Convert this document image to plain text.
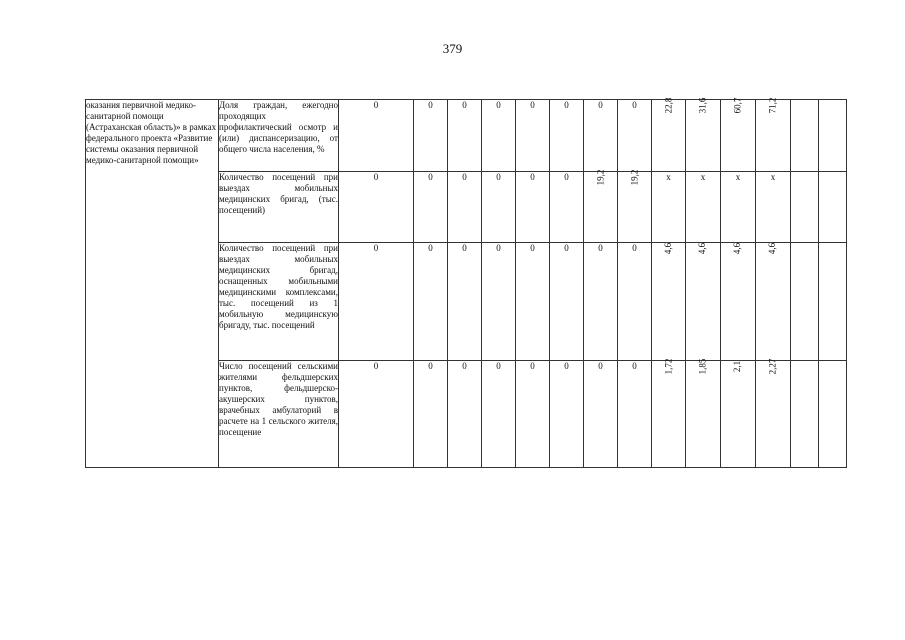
379
оказания первичной медико-санитарной помощи (Астраханская область)» в рамках федерального проекта «Развитие системы оказания первичной медико-санитарной помощи»	Доля граждан, ежегодно проходящих профилактический осмотр и (или) диспансеризацию, от общего числа населения, %	0	0	0	0	0	0	0	0	22,8	31,6	60,7	71,2		
	Количество посещений при выездах мобильных медицинских бригад, (тыс. посещений)	0	0	0	0	0	0	19,2	19,2	х	х	х	х		
	Количество посещений при выездах мобильных медицинских бригад, оснащенных мобильными медицинскими комплексами, тыс. посещений из 1 мобильную медицинскую бригаду, тыс. посещений	0	0	0	0	0	0	0	0	4,6	4,6	4,6	4,6		
	Число посещений сельскими жителями фельдшерских пунктов, фельдшерско-акушерских пунктов, врачебных амбулаторий в расчете на 1 сельского жителя, посещение	0	0	0	0	0	0	0	0	1,72	1,85	2,1	2,27		
